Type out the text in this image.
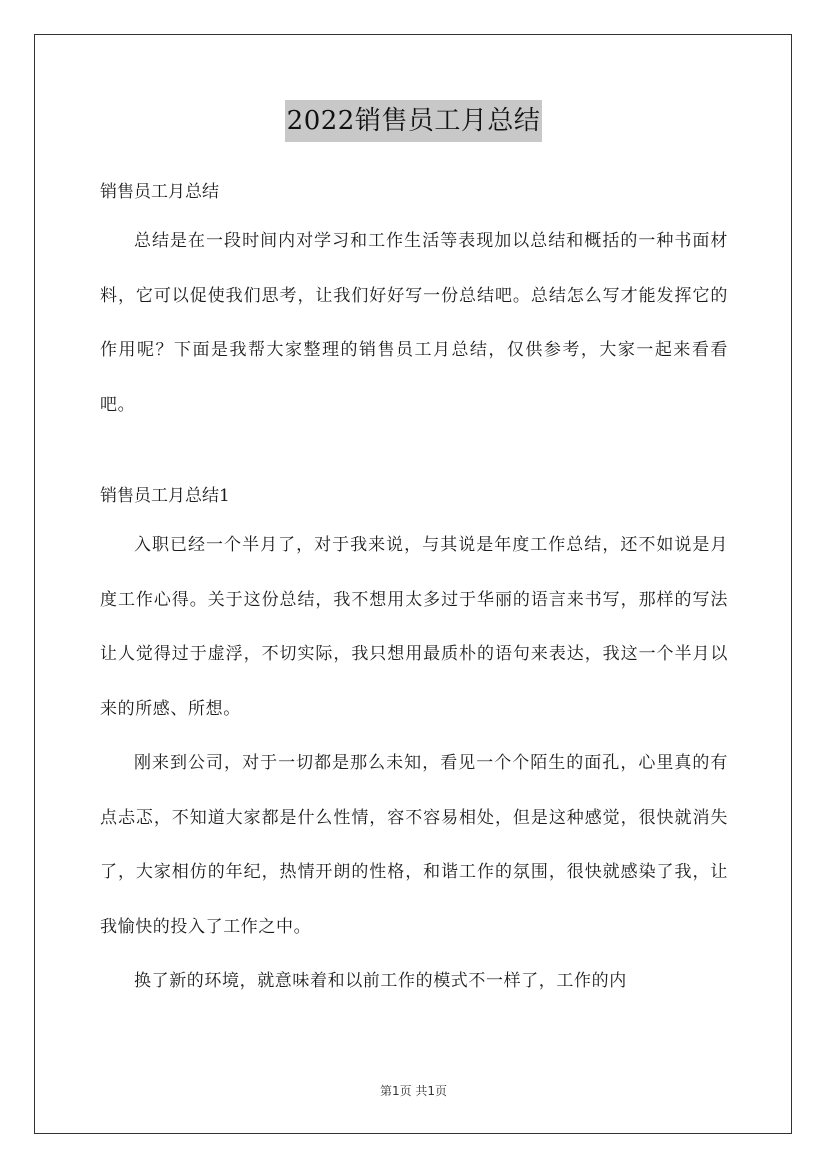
2022销售员工月总结

销售员工月总结

总结是在一段时间内对学习和工作生活等表现加以总结和概括的一种书面材料，它可以促使我们思考，让我们好好写一份总结吧。总结怎么写才能发挥它的作用呢？下面是我帮大家整理的销售员工月总结，仅供参考，大家一起来看看吧。

销售员工月总结1

入职已经一个半月了，对于我来说，与其说是年度工作总结，还不如说是月度工作心得。关于这份总结，我不想用太多过于华丽的语言来书写，那样的写法让人觉得过于虚浮，不切实际，我只想用最质朴的语句来表达，我这一个半月以来的所感、所想。

刚来到公司，对于一切都是那么未知，看见一个个陌生的面孔，心里真的有点忐忑，不知道大家都是什么性情，容不容易相处，但是这种感觉，很快就消失了，大家相仿的年纪，热情开朗的性格，和谐工作的氛围，很快就感染了我，让我愉快的投入了工作之中。

换了新的环境，就意味着和以前工作的模式不一样了，工作的内

第1页 共1页
